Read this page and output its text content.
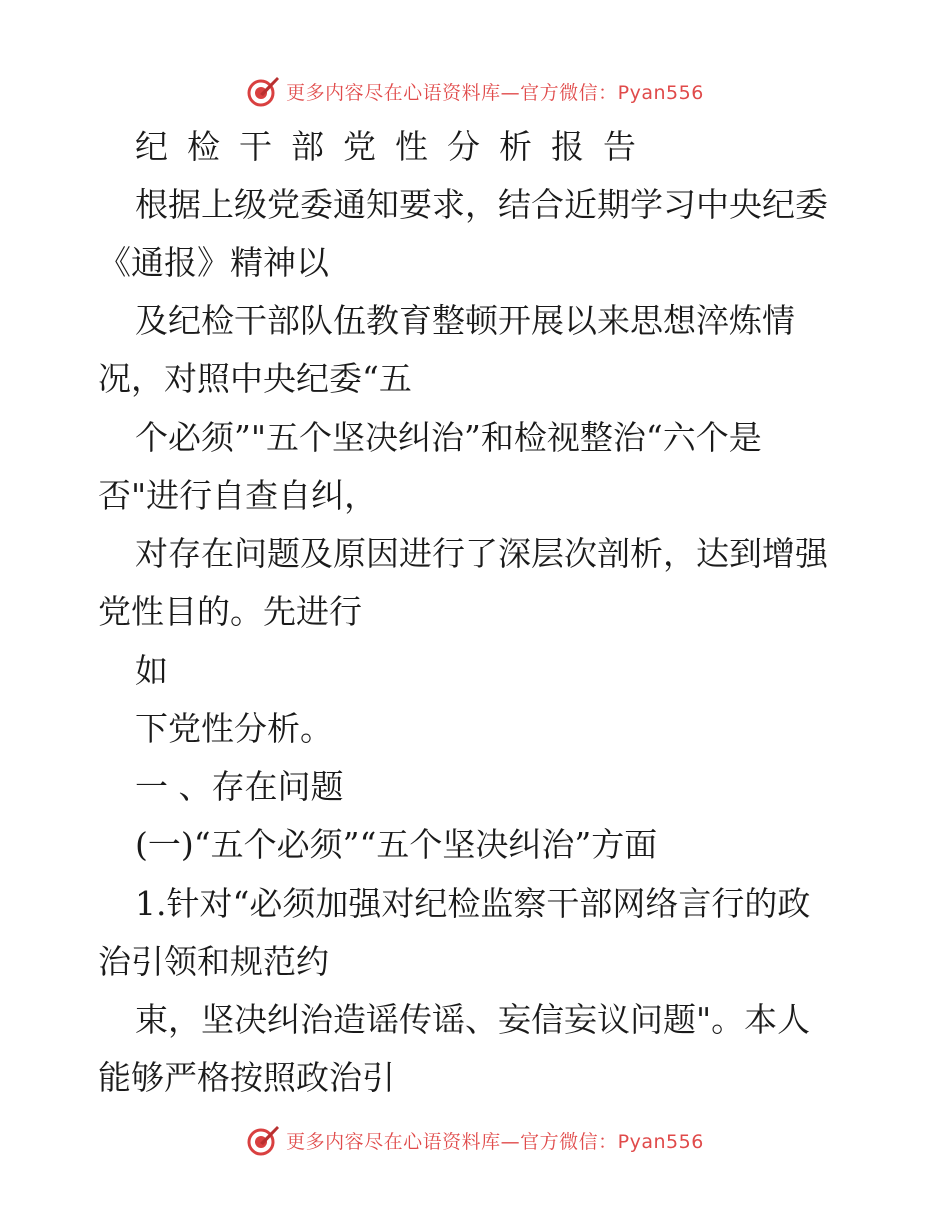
更多内容尽在心语资料库—官方微信：Pyan556
纪检干部党性分析报告
根据上级党委通知要求，结合近期学习中央纪委
《通报》精神以
及纪检干部队伍教育整顿开展以来思想淬炼情
况，对照中央纪委“五
个必须”"五个坚决纠治”和检视整治“六个是
否"进行自查自纠，
对存在问题及原因进行了深层次剖析，达到增强
党性目的。先进行
如
下党性分析。
一 、存在问题
(一)“五个必须”“五个坚决纠治”方面
1.针对“必须加强对纪检监察干部网络言行的政
治引领和规范约
束，坚决纠治造谣传谣、妄信妄议问题"。本人
能够严格按照政治引
更多内容尽在心语资料库—官方微信：Pyan556
